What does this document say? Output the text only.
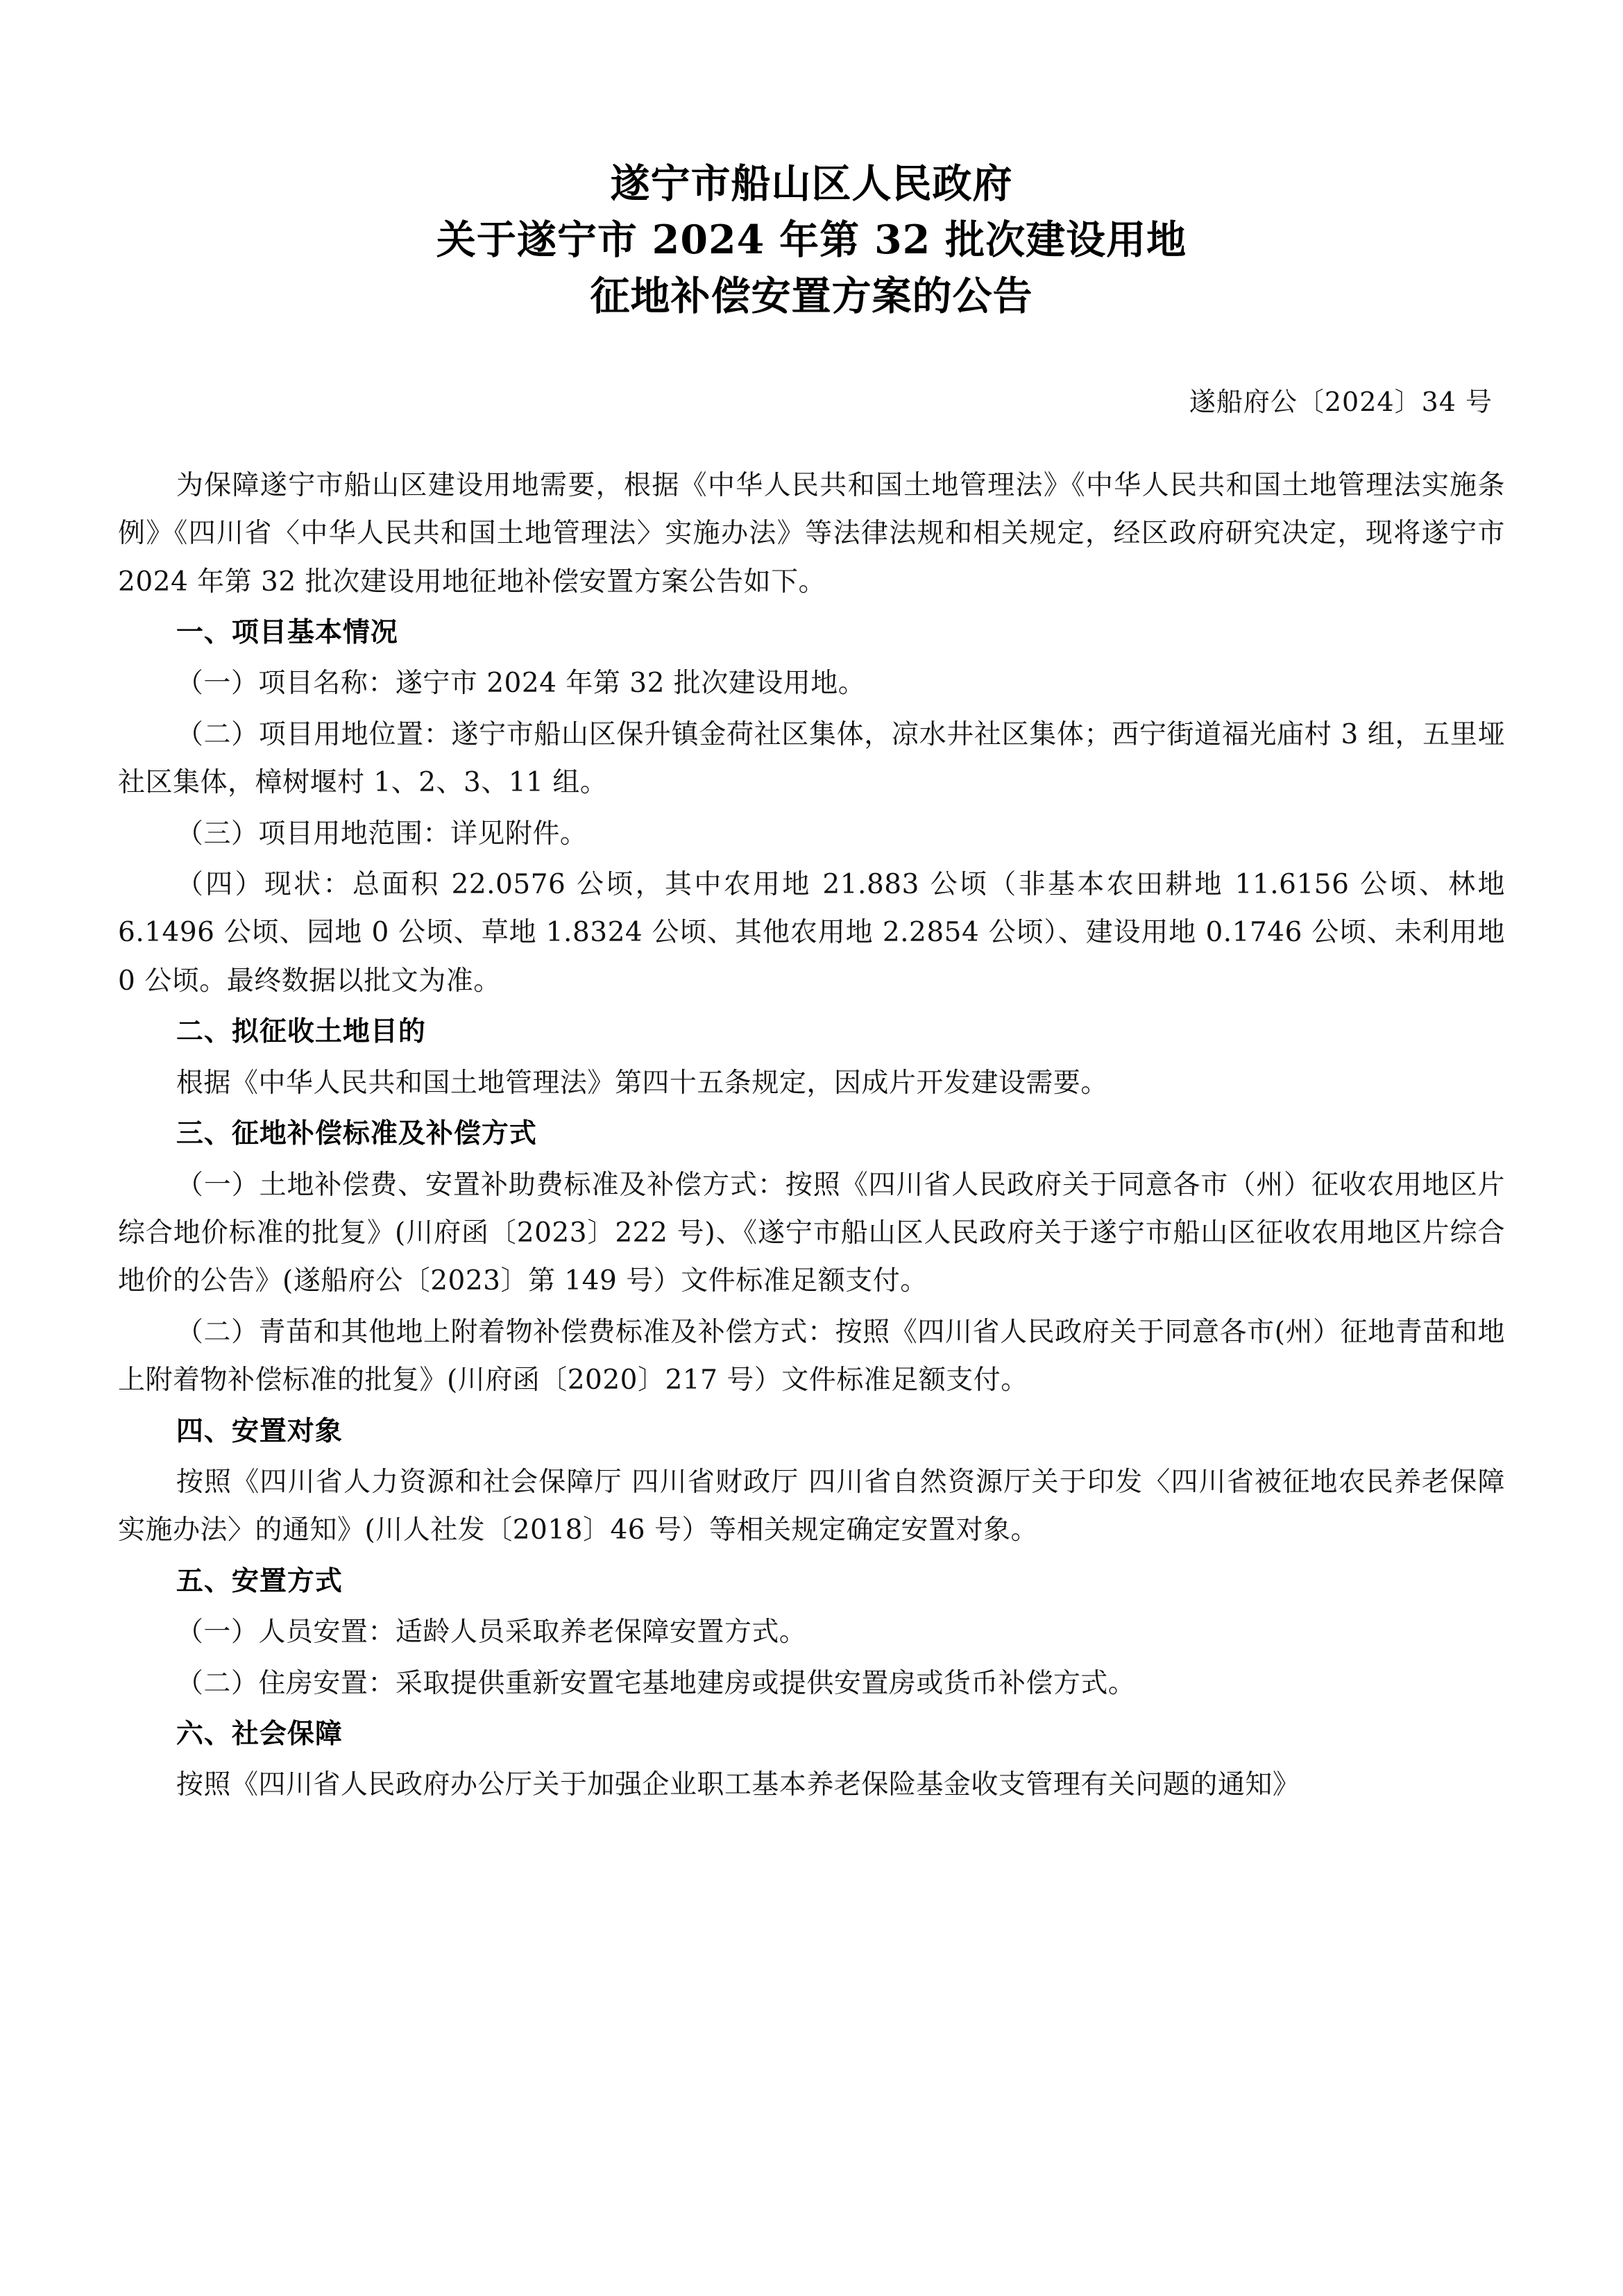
遂宁市船山区人民政府
关于遂宁市 2024 年第 32 批次建设用地
征地补偿安置方案的公告
遂船府公〔2024〕34 号

为保障遂宁市船山区建设用地需要，根据《中华人民共和国土地管理法》《中华人民共和国土地管理法实施条例》《四川省〈中华人民共和国土地管理法〉实施办法》等法律法规和相关规定，经区政府研究决定，现将遂宁市 2024 年第 32 批次建设用地征地补偿安置方案公告如下。

一、项目基本情况

（一）项目名称：遂宁市 2024 年第 32 批次建设用地。

（二）项目用地位置：遂宁市船山区保升镇金荷社区集体，凉水井社区集体；西宁街道福光庙村 3 组，五里垭社区集体，樟树堰村 1、2、3、11 组。

（三）项目用地范围：详见附件。

（四）现状：总面积 22.0576 公顷，其中农用地 21.883 公顷（非基本农田耕地 11.6156 公顷、林地 6.1496 公顷、园地 0 公顷、草地 1.8324 公顷、其他农用地 2.2854 公顷）、建设用地 0.1746 公顷、未利用地 0 公顷。最终数据以批文为准。

二、拟征收土地目的

根据《中华人民共和国土地管理法》第四十五条规定，因成片开发建设需要。

三、征地补偿标准及补偿方式

（一）土地补偿费、安置补助费标准及补偿方式：按照《四川省人民政府关于同意各市（州）征收农用地区片综合地价标准的批复》(川府函〔2023〕222 号)、《遂宁市船山区人民政府关于遂宁市船山区征收农用地区片综合地价的公告》(遂船府公〔2023〕第 149 号）文件标准足额支付。

（二）青苗和其他地上附着物补偿费标准及补偿方式：按照《四川省人民政府关于同意各市(州）征地青苗和地上附着物补偿标准的批复》(川府函〔2020〕217 号）文件标准足额支付。

四、安置对象

按照《四川省人力资源和社会保障厅 四川省财政厅 四川省自然资源厅关于印发〈四川省被征地农民养老保障实施办法〉的通知》(川人社发〔2018〕46 号）等相关规定确定安置对象。

五、安置方式

（一）人员安置：适龄人员采取养老保障安置方式。

（二）住房安置：采取提供重新安置宅基地建房或提供安置房或货币补偿方式。

六、社会保障

按照《四川省人民政府办公厅关于加强企业职工基本养老保险基金收支管理有关问题的通知》
